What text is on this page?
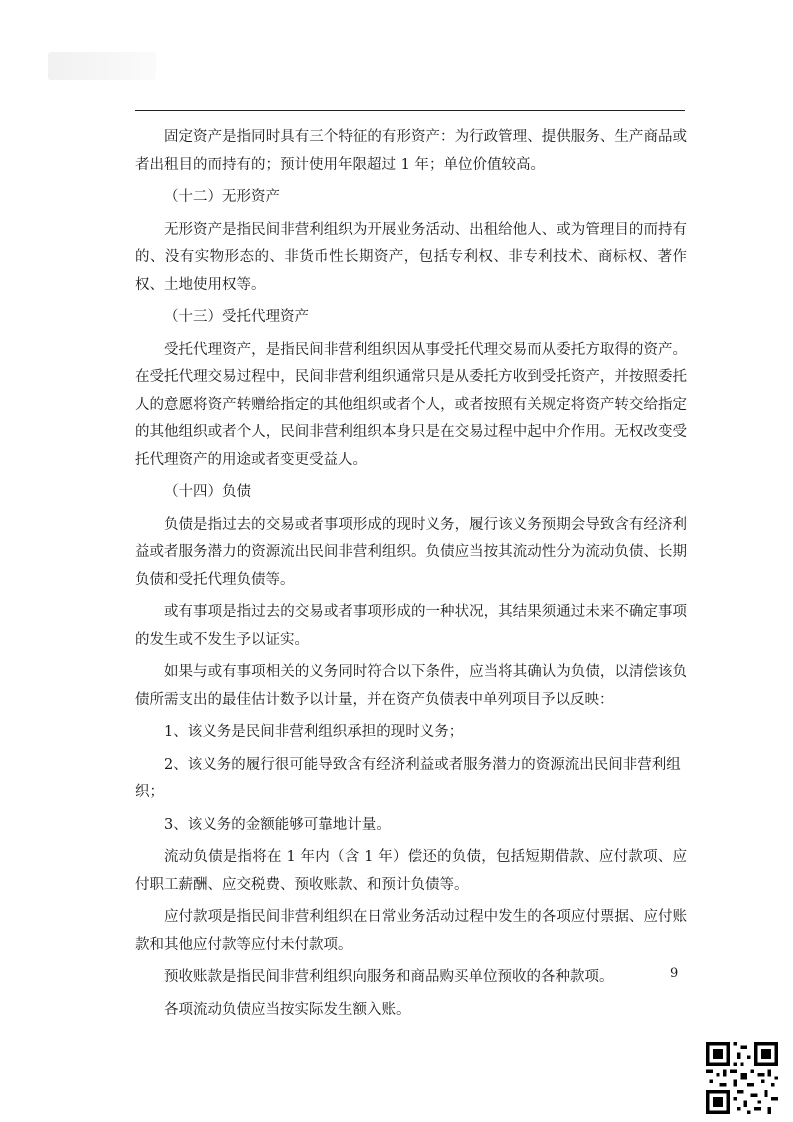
固定资产是指同时具有三个特征的有形资产：为行政管理、提供服务、生产商品或者出租目的而持有的；预计使用年限超过 1 年；单位价值较高。

（十二）无形资产

无形资产是指民间非营利组织为开展业务活动、出租给他人、或为管理目的而持有的、没有实物形态的、非货币性长期资产，包括专利权、非专利技术、商标权、著作权、土地使用权等。

（十三）受托代理资产

受托代理资产，是指民间非营利组织因从事受托代理交易而从委托方取得的资产。在受托代理交易过程中，民间非营利组织通常只是从委托方收到受托资产，并按照委托人的意愿将资产转赠给指定的其他组织或者个人，或者按照有关规定将资产转交给指定的其他组织或者个人，民间非营利组织本身只是在交易过程中起中介作用。无权改变受托代理资产的用途或者变更受益人。

（十四）负债

负债是指过去的交易或者事项形成的现时义务，履行该义务预期会导致含有经济利益或者服务潜力的资源流出民间非营利组织。负债应当按其流动性分为流动负债、长期负债和受托代理负债等。

或有事项是指过去的交易或者事项形成的一种状况，其结果须通过未来不确定事项的发生或不发生予以证实。

如果与或有事项相关的义务同时符合以下条件，应当将其确认为负债，以清偿该负债所需支出的最佳估计数予以计量，并在资产负债表中单列项目予以反映：

1、该义务是民间非营利组织承担的现时义务；

2、该义务的履行很可能导致含有经济利益或者服务潜力的资源流出民间非营利组织；

3、该义务的金额能够可靠地计量。

流动负债是指将在 1 年内（含 1 年）偿还的负债，包括短期借款、应付款项、应付职工薪酬、应交税费、预收账款、和预计负债等。

应付款项是指民间非营利组织在日常业务活动过程中发生的各项应付票据、应付账款和其他应付款等应付未付款项。

预收账款是指民间非营利组织向服务和商品购买单位预收的各种款项。

各项流动负债应当按实际发生额入账。

9
